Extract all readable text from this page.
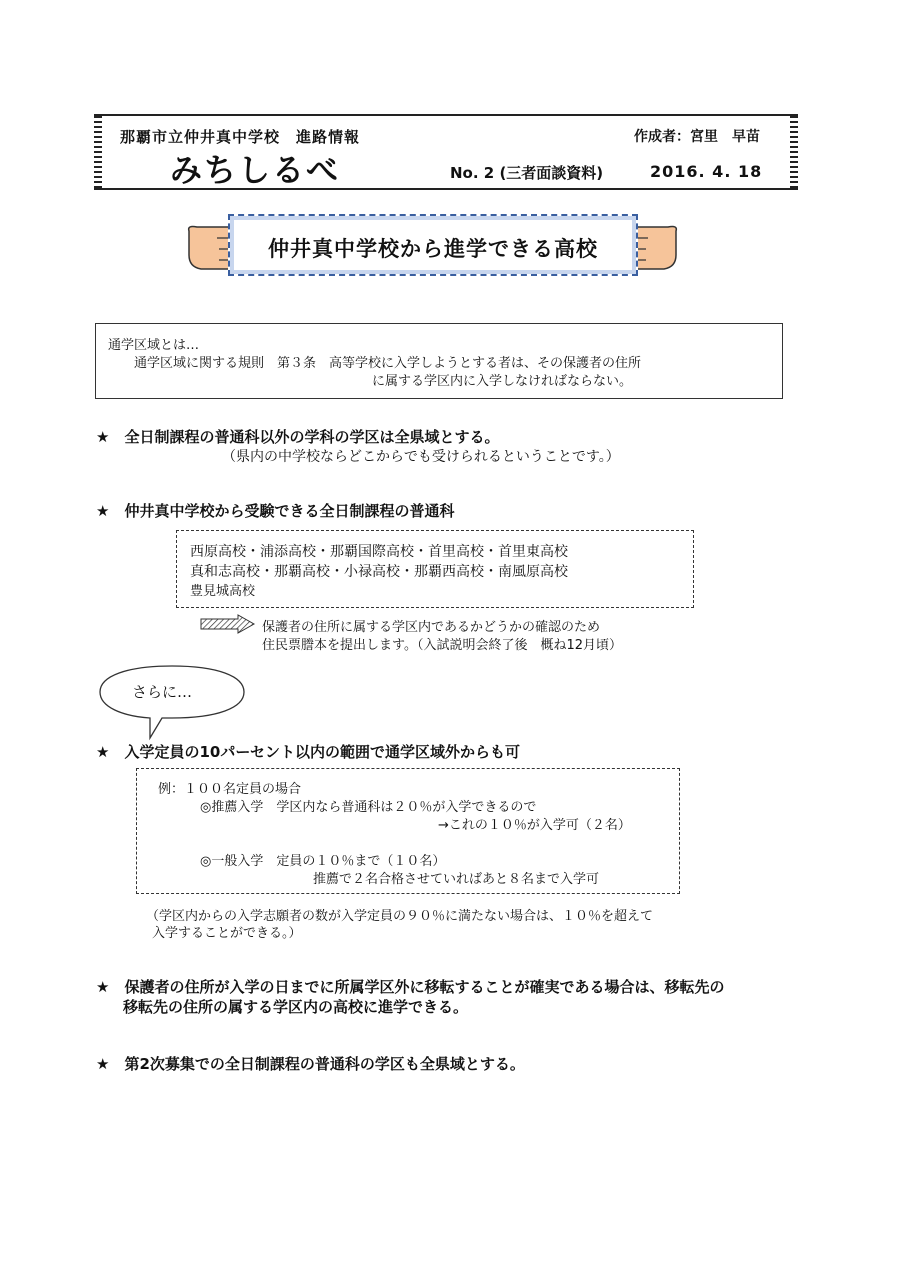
那覇市立仲井真中学校　進路情報	作成者：宮里　早苗
みちしるべ	No. 2 (三者面談資料)	2016. 4. 18
仲井真中学校から進学できる高校
通学区域とは…
通学区域に関する規則　第３条　高等学校に入学しようとする者は、その保護者の住所
に属する学区内に入学しなければならない。
★　全日制課程の普通科以外の学科の学区は全県域とする。
（県内の中学校ならどこからでも受けられるということです。）
★　仲井真中学校から受験できる全日制課程の普通科
西原高校・浦添高校・那覇国際高校・首里高校・首里東高校
真和志高校・那覇高校・小禄高校・那覇西高校・南風原高校
豊見城高校
保護者の住所に属する学区内であるかどうかの確認のため
住民票謄本を提出します。（入試説明会終了後　概ね12月頃）
さらに…
★　入学定員の10パーセント以内の範囲で通学区域外からも可
例：１００名定員の場合
◎推薦入学　学区内なら普通科は２０％が入学できるので
→これの１０％が入学可（２名）
◎一般入学　定員の１０％まで（１０名）
推薦で２名合格させていればあと８名まで入学可
（学区内からの入学志願者の数が入学定員の９０％に満たない場合は、１０％を超えて
入学することができる。）
★　保護者の住所が入学の日までに所属学区外に移転することが確実である場合は、移転先の
移転先の住所の属する学区内の高校に進学できる。
★　第2次募集での全日制課程の普通科の学区も全県域とする。
